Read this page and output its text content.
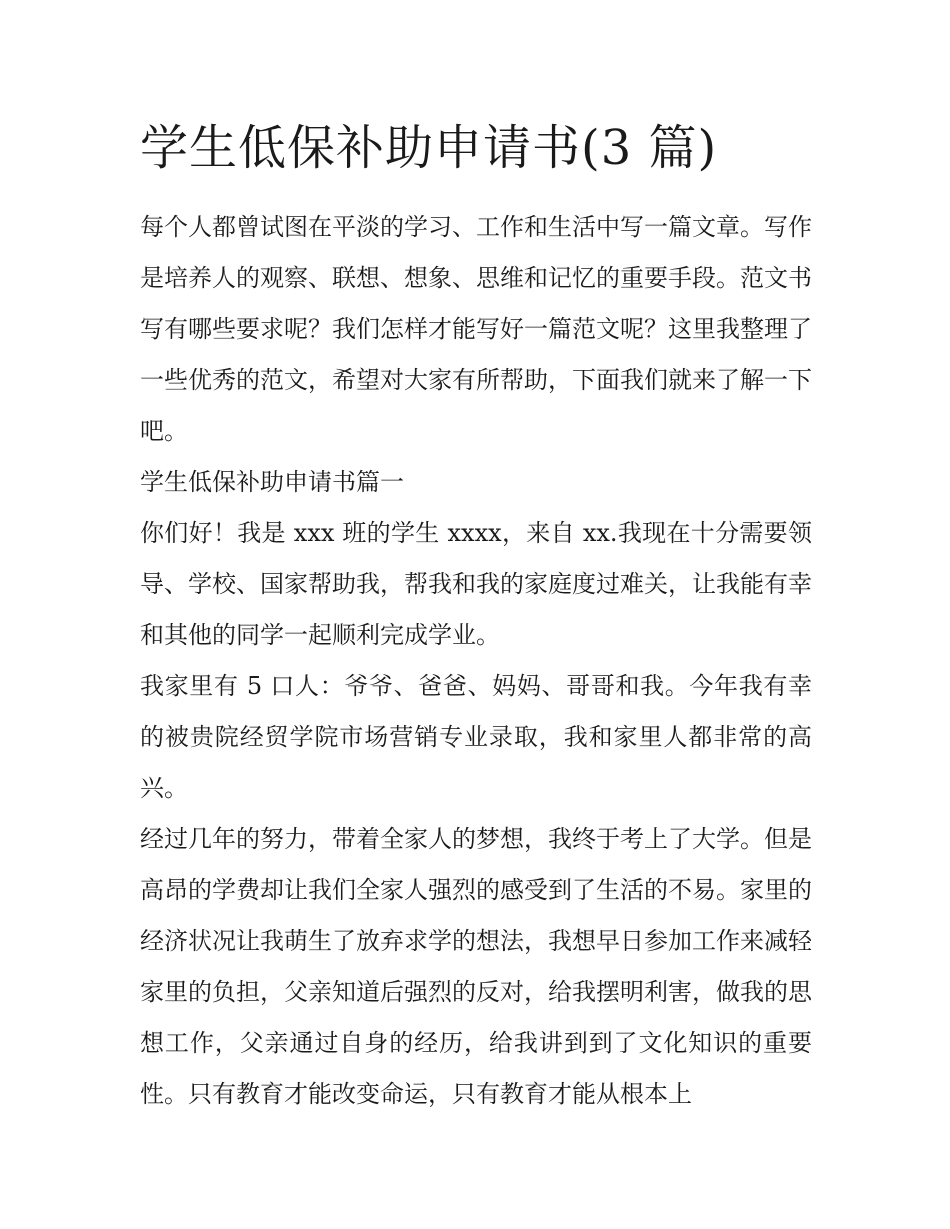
学生低保补助申请书(3 篇)

每个人都曾试图在平淡的学习、工作和生活中写一篇文章。写作是培养人的观察、联想、想象、思维和记忆的重要手段。范文书写有哪些要求呢？我们怎样才能写好一篇范文呢？这里我整理了一些优秀的范文，希望对大家有所帮助，下面我们就来了解一下吧。

学生低保补助申请书篇一

你们好！我是 xxx 班的学生 xxxx，来自 xx.我现在十分需要领导、学校、国家帮助我，帮我和我的家庭度过难关，让我能有幸和其他的同学一起顺利完成学业。

我家里有 5 口人：爷爷、爸爸、妈妈、哥哥和我。今年我有幸的被贵院经贸学院市场营销专业录取，我和家里人都非常的高兴。

经过几年的努力，带着全家人的梦想，我终于考上了大学。但是高昂的学费却让我们全家人强烈的感受到了生活的不易。家里的经济状况让我萌生了放弃求学的想法，我想早日参加工作来减轻家里的负担，父亲知道后强烈的反对，给我摆明利害，做我的思想工作，父亲通过自身的经历，给我讲到到了文化知识的重要性。只有教育才能改变命运，只有教育才能从根本上
